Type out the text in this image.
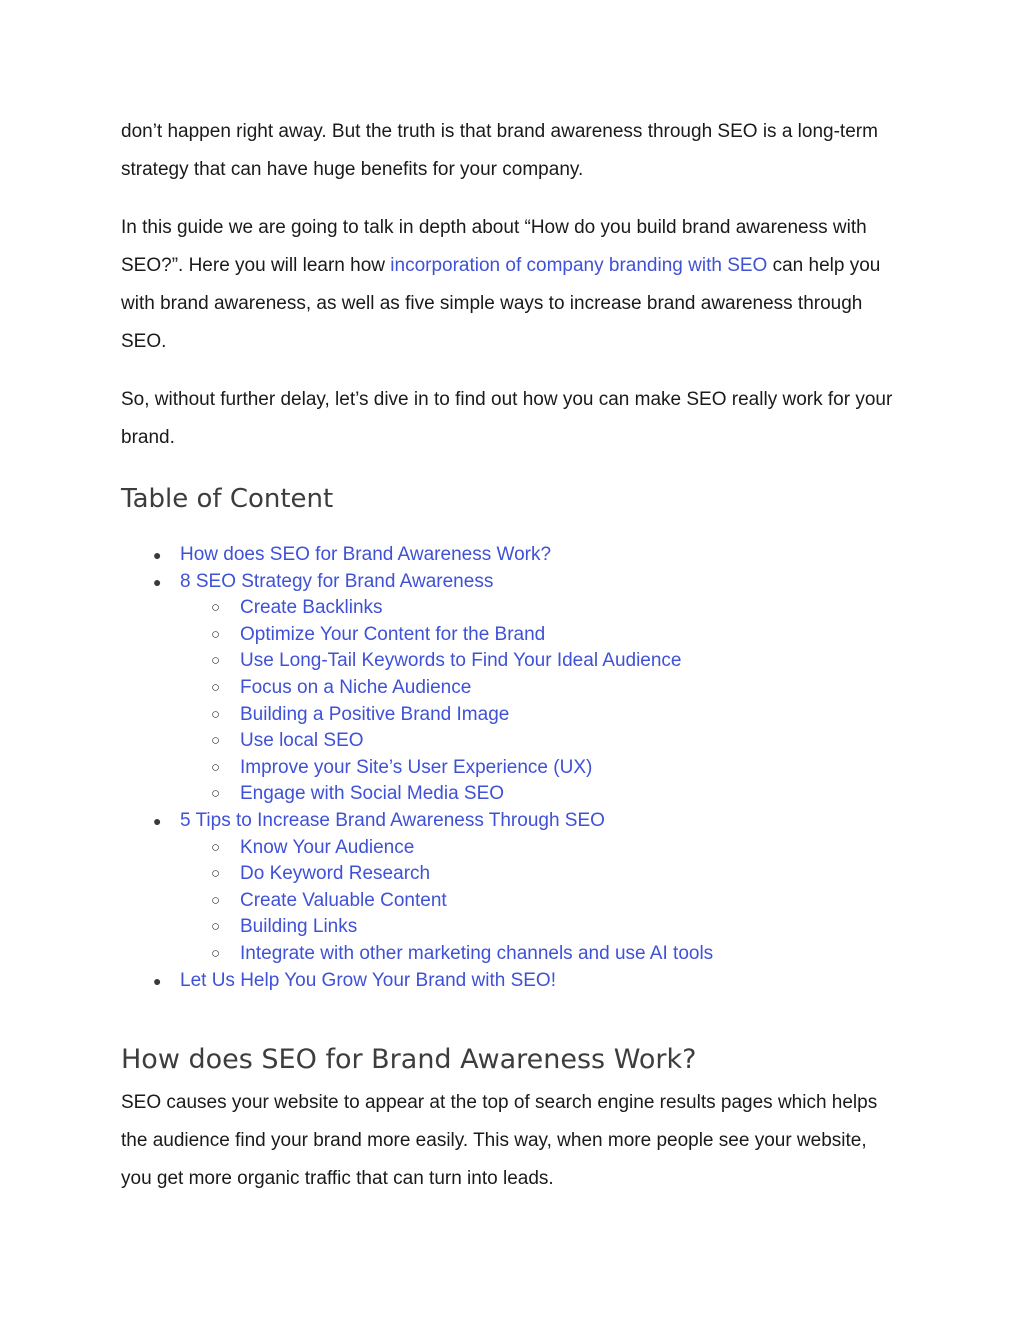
don’t happen right away. But the truth is that brand awareness through SEO is a long-term strategy that can have huge benefits for your company.

In this guide we are going to talk in depth about “How do you build brand awareness with SEO?”. Here you will learn how incorporation of company branding with SEO can help you with brand awareness, as well as five simple ways to increase brand awareness through SEO.

So, without further delay, let’s dive in to find out how you can make SEO really work for your brand.

Table of Content
● How does SEO for Brand Awareness Work?
● 8 SEO Strategy for Brand Awareness
○ Create Backlinks
○ Optimize Your Content for the Brand
○ Use Long-Tail Keywords to Find Your Ideal Audience
○ Focus on a Niche Audience
○ Building a Positive Brand Image
○ Use local SEO
○ Improve your Site’s User Experience (UX)
○ Engage with Social Media SEO
● 5 Tips to Increase Brand Awareness Through SEO
○ Know Your Audience
○ Do Keyword Research
○ Create Valuable Content
○ Building Links
○ Integrate with other marketing channels and use AI tools
● Let Us Help You Grow Your Brand with SEO!
How does SEO for Brand Awareness Work?

SEO causes your website to appear at the top of search engine results pages which helps the audience find your brand more easily. This way, when more people see your website, you get more organic traffic that can turn into leads.
